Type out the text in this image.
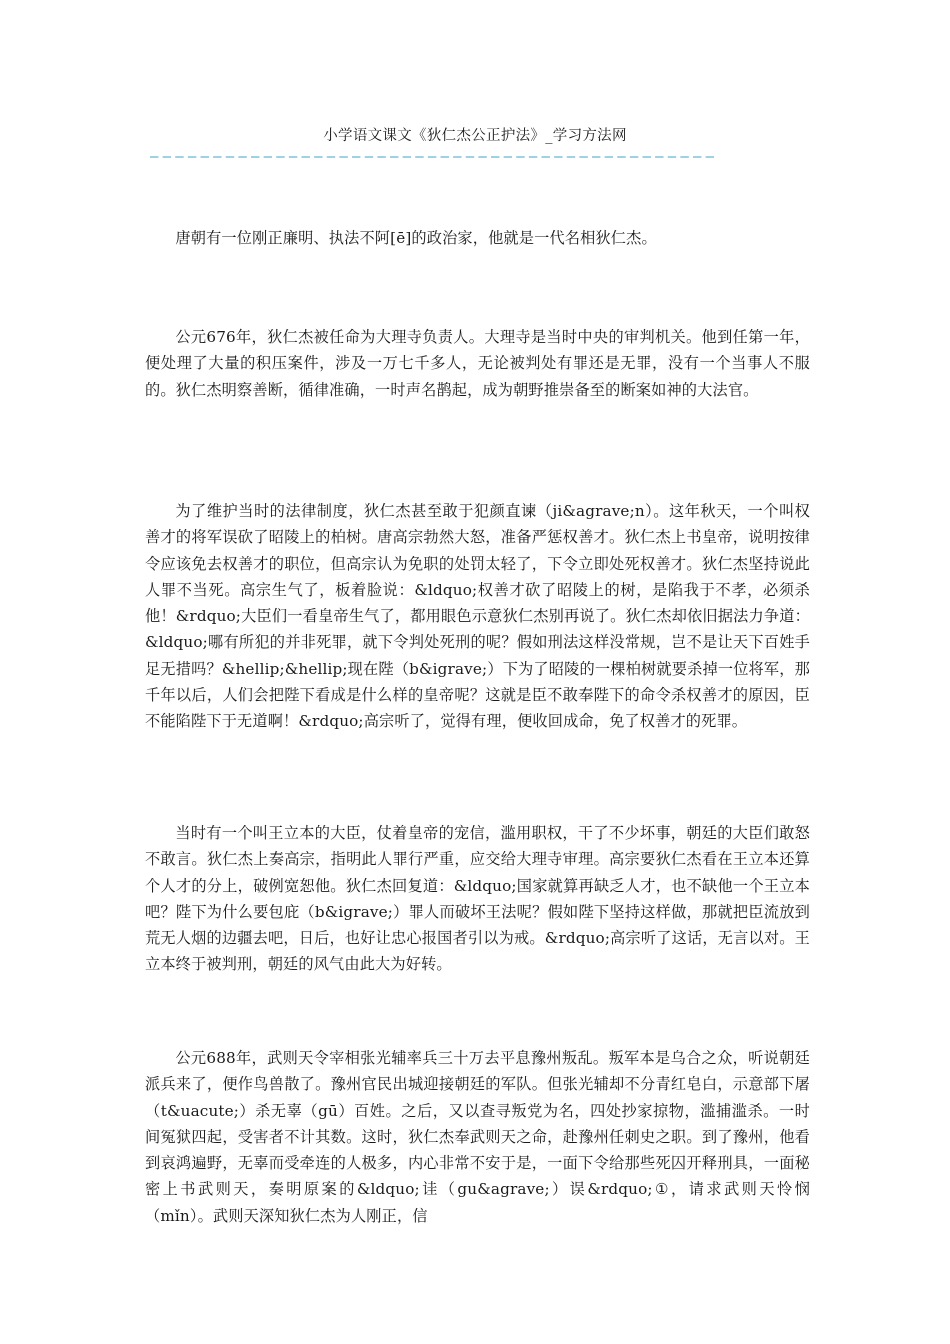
小学语文课文《狄仁杰公正护法》_学习方法网
—————————————————————————————————————————————

唐朝有一位刚正廉明、执法不阿[ē]的政治家，他就是一代名相狄仁杰。

公元676年，狄仁杰被任命为大理寺负责人。大理寺是当时中央的审判机关。他到任第一年，便处理了大量的积压案件，涉及一万七千多人，无论被判处有罪还是无罪，没有一个当事人不服的。狄仁杰明察善断，循律准确，一时声名鹊起，成为朝野推崇备至的断案如神的大法官。

为了维护当时的法律制度，狄仁杰甚至敢于犯颜直谏（ji&agrave;n）。这年秋天，一个叫权善才的将军误砍了昭陵上的柏树。唐高宗勃然大怒，准备严惩权善才。狄仁杰上书皇帝，说明按律令应该免去权善才的职位，但高宗认为免职的处罚太轻了，下令立即处死权善才。狄仁杰坚持说此人罪不当死。高宗生气了，板着脸说：&ldquo;权善才砍了昭陵上的树，是陷我于不孝，必须杀他！&rdquo;大臣们一看皇帝生气了，都用眼色示意狄仁杰别再说了。狄仁杰却依旧据法力争道：&ldquo;哪有所犯的并非死罪，就下令判处死刑的呢？假如刑法这样没常规，岂不是让天下百姓手足无措吗？&hellip;&hellip;现在陛（b&igrave;）下为了昭陵的一棵柏树就要杀掉一位将军，那千年以后，人们会把陛下看成是什么样的皇帝呢？这就是臣不敢奉陛下的命令杀权善才的原因，臣不能陷陛下于无道啊！&rdquo;高宗听了，觉得有理，便收回成命，免了权善才的死罪。

当时有一个叫王立本的大臣，仗着皇帝的宠信，滥用职权，干了不少坏事，朝廷的大臣们敢怒不敢言。狄仁杰上奏高宗，指明此人罪行严重，应交给大理寺审理。高宗要狄仁杰看在王立本还算个人才的分上，破例宽恕他。狄仁杰回复道：&ldquo;国家就算再缺乏人才，也不缺他一个王立本吧？陛下为什么要包庇（b&igrave;）罪人而破坏王法呢？假如陛下坚持这样做，那就把臣流放到荒无人烟的边疆去吧，日后，也好让忠心报国者引以为戒。&rdquo;高宗听了这话，无言以对。王立本终于被判刑，朝廷的风气由此大为好转。

公元688年，武则天令宰相张光辅率兵三十万去平息豫州叛乱。叛军本是乌合之众，听说朝廷派兵来了，便作鸟兽散了。豫州官民出城迎接朝廷的军队。但张光辅却不分青红皂白，示意部下屠（t&uacute;）杀无辜（gū）百姓。之后，又以查寻叛党为名，四处抄家掠物，滥捕滥杀。一时间冤狱四起，受害者不计其数。这时，狄仁杰奉武则天之命，赴豫州任刺史之职。到了豫州，他看到哀鸿遍野，无辜而受牵连的人极多，内心非常不安于是，一面下令给那些死囚开释刑具，一面秘密上书武则天，奏明原案的&ldquo;诖（gu&agrave;）误&rdquo;①，请求武则天怜悯（mǐn）。武则天深知狄仁杰为人刚正，信
